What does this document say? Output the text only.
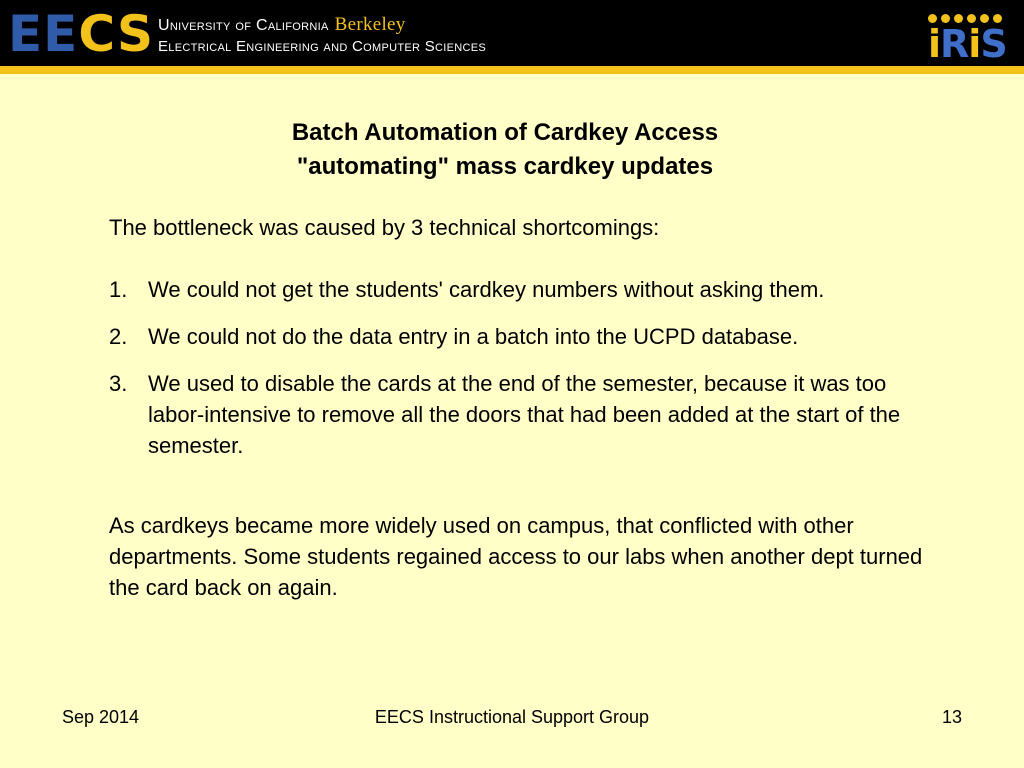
EECS University of California Berkeley
Electrical Engineering and Computer Sciences	iRiS
Batch Automation of Cardkey Access
"automating" mass cardkey updates
The bottleneck was caused by 3 technical shortcomings:
1. We could not get the students' cardkey numbers without asking them.
2. We could not do the data entry in a batch into the UCPD database.
3. We used to disable the cards at the end of the semester, because it was too labor-intensive to remove all the doors that had been added at the start of the semester.
As cardkeys became more widely used on campus, that conflicted with other departments. Some students regained access to our labs when another dept turned the card back on again.
Sep 2014	EECS Instructional Support Group	13
